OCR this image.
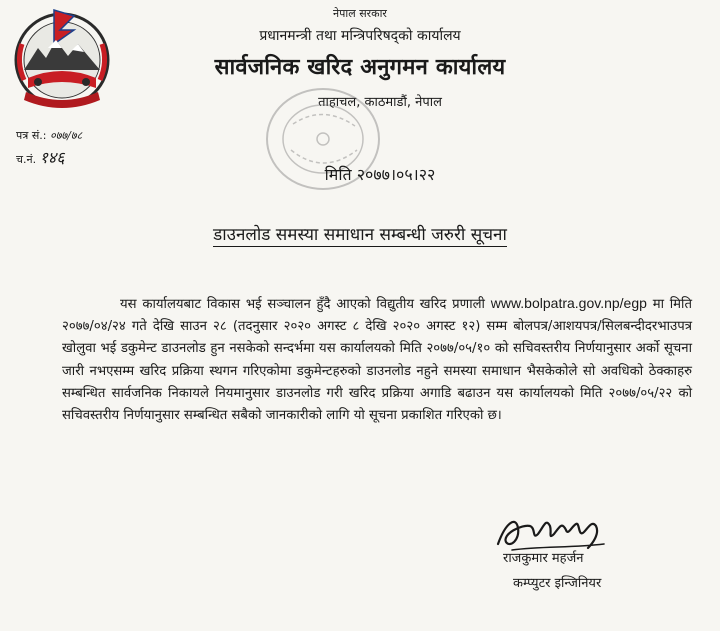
पत्र सं.: ०७७/७८
च.नं. १४६
नेपाल सरकार
प्रधानमन्त्री तथा मन्त्रिपरिषद्को कार्यालय
सार्वजनिक खरिद अनुगमन कार्यालय
ताहाचल, काठमाडौं, नेपाल
मिति २०७७।०५।२२
डाउनलोड समस्या समाधान सम्बन्धी जरुरी सूचना

यस कार्यालयबाट विकास भई सञ्चालन हुँदै आएको विद्युतीय खरिद प्रणाली www.bolpatra.gov.np/egp मा मिति २०७७/०४/२४ गते देखि साउन २८ (तदनुसार २०२० अगस्ट ८ देखि २०२० अगस्ट १२) सम्म बोलपत्र/आशयपत्र/सिलबन्दीदरभाउपत्र खोलुवा भई डकुमेन्ट डाउनलोड हुन नसकेको सन्दर्भमा यस कार्यालयको मिति २०७७/०५/१० को सचिवस्तरीय निर्णयानुसार अर्को सूचना जारी नभएसम्म खरिद प्रक्रिया स्थगन गरिएकोमा डकुमेन्टहरुको डाउनलोड नहुने समस्या समाधान भैसकेकोले सो अवधिको ठेक्काहरु सम्बन्धित सार्वजनिक निकायले नियमानुसार डाउनलोड गरी खरिद प्रक्रिया अगाडि बढाउन यस कार्यालयको मिति २०७७/०५/२२ को सचिवस्तरीय निर्णयानुसार सम्बन्धित सबैको जानकारीको लागि यो सूचना प्रकाशित गरिएको छ।

राजकुमार महर्जन
कम्प्युटर इन्जिनियर
